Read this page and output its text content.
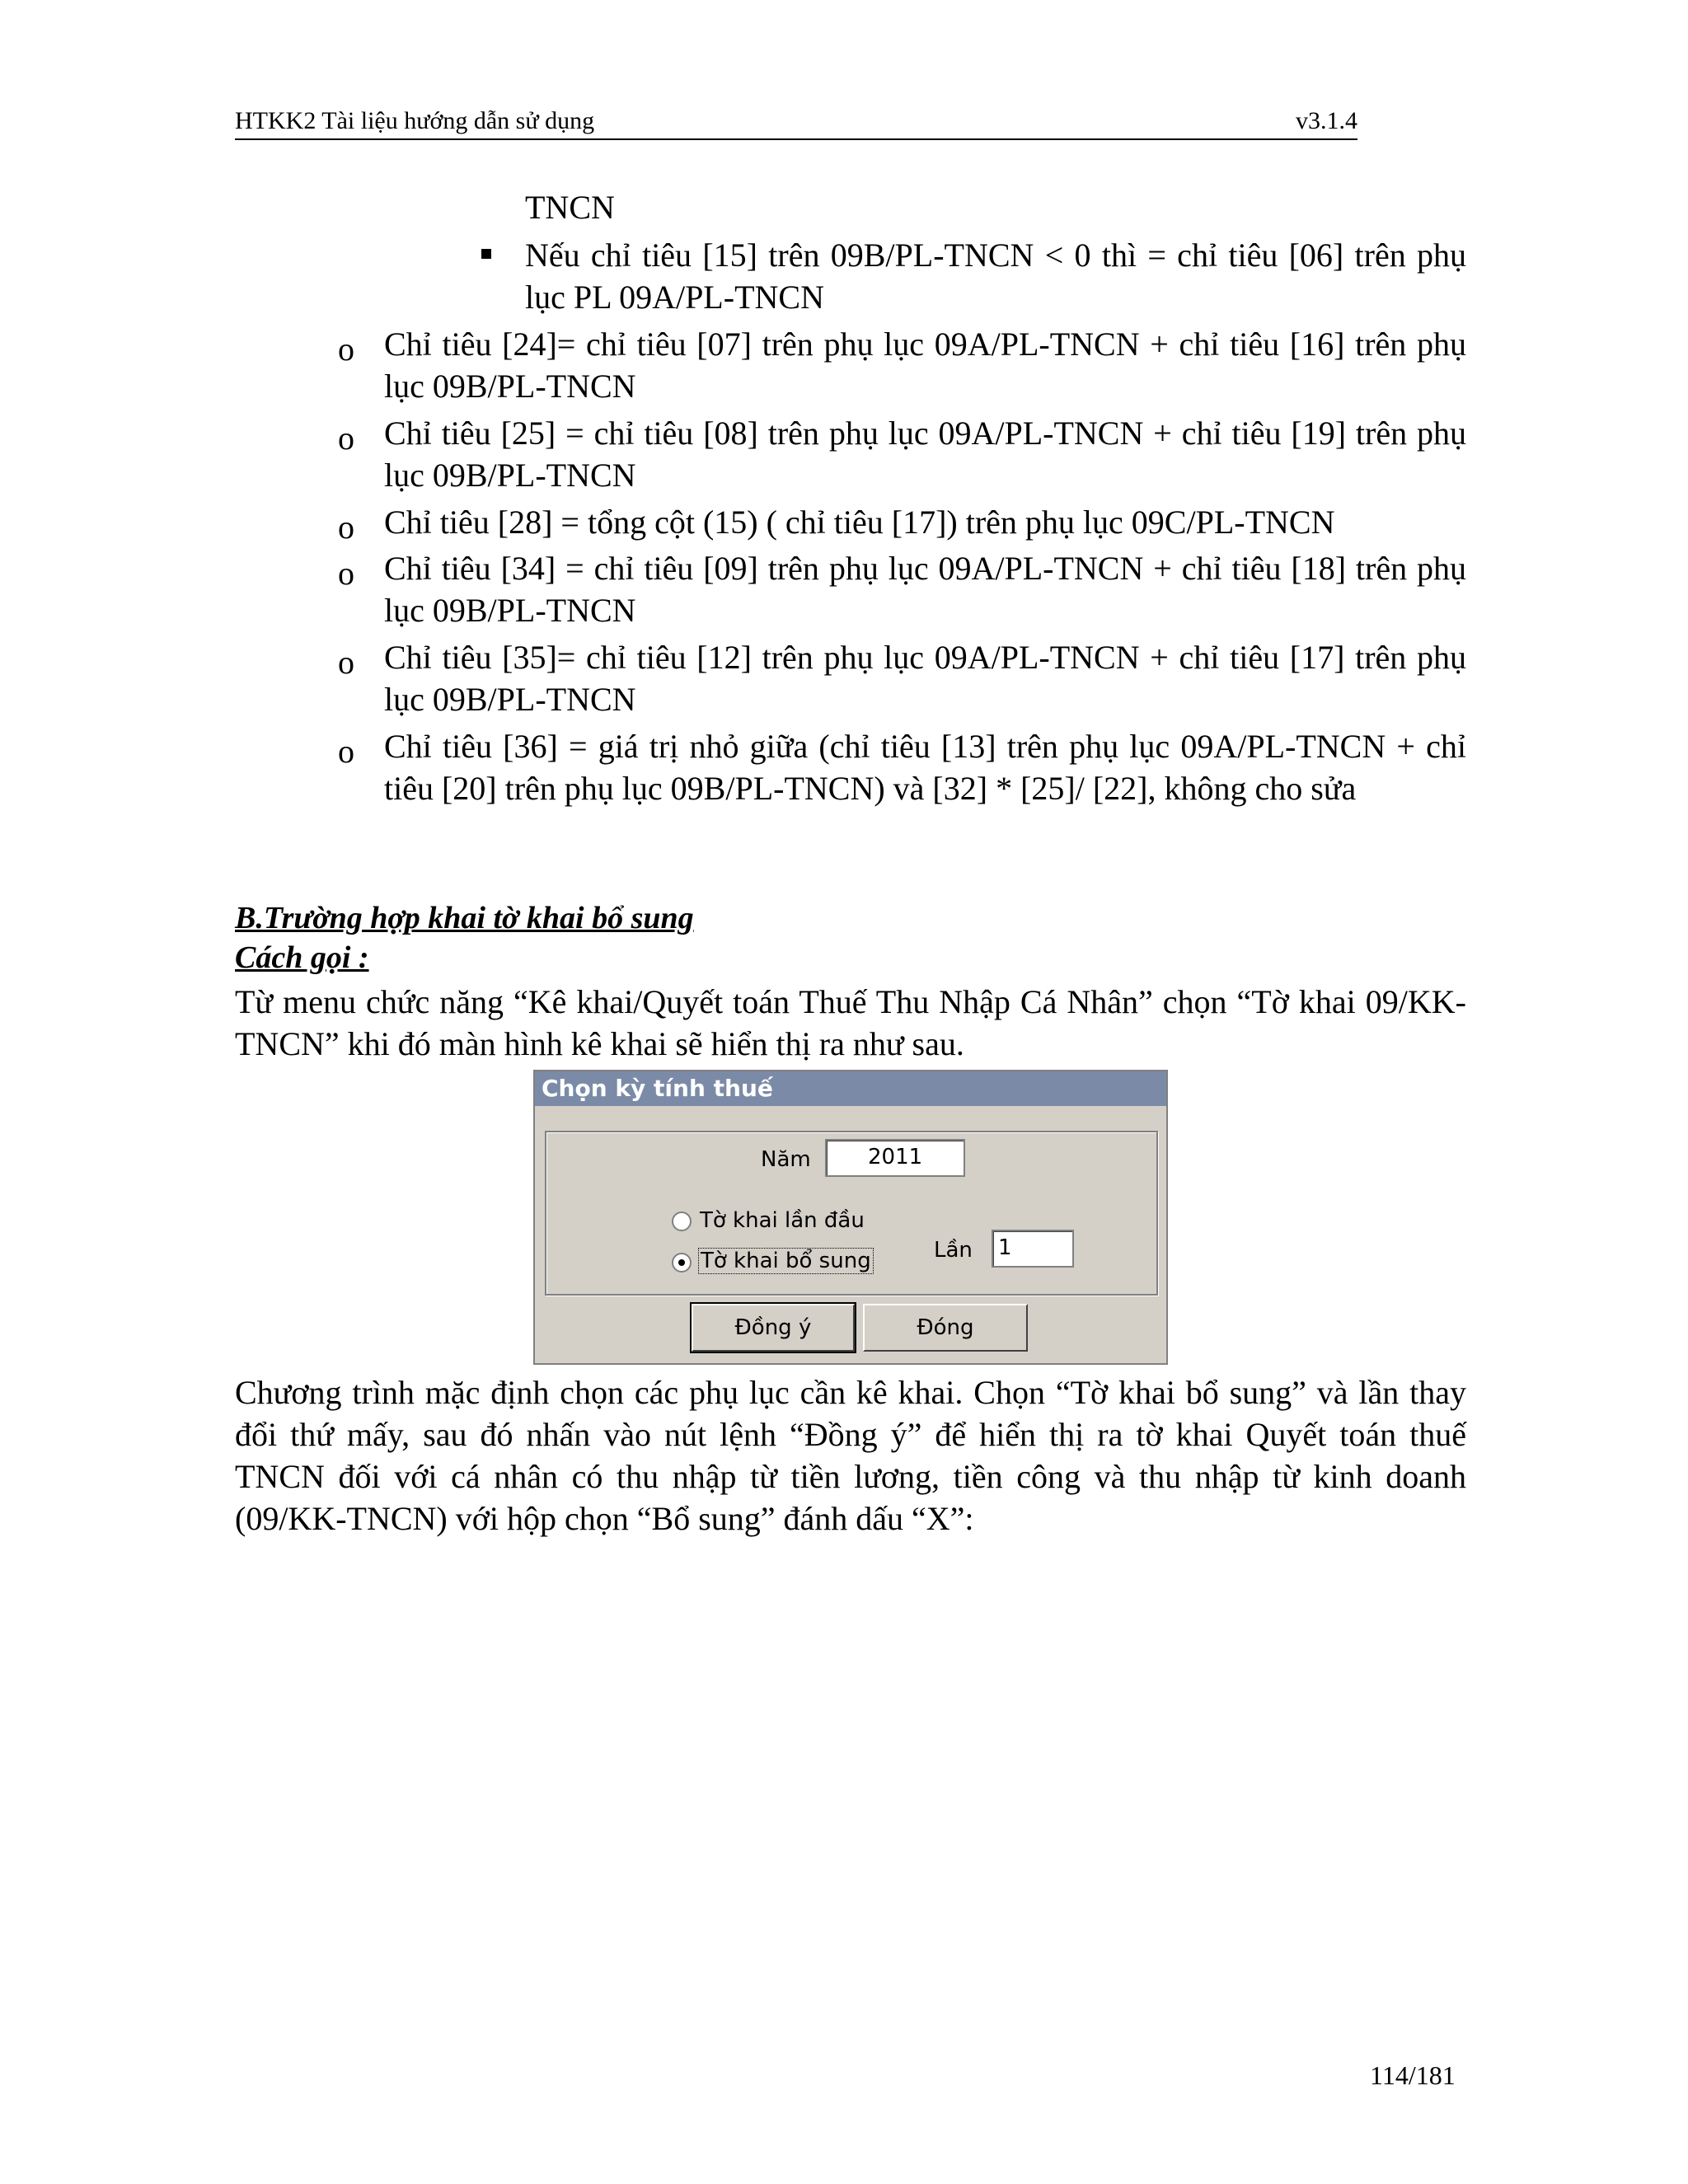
HTKK2 Tài liệu hướng dẫn sử dụng	v3.1.4
TNCN
Nếu chỉ tiêu [15] trên 09B/PL-TNCN < 0 thì = chỉ tiêu [06] trên phụ lục PL 09A/PL-TNCN
o Chỉ tiêu [24]= chỉ tiêu [07] trên phụ lục 09A/PL-TNCN + chỉ tiêu [16] trên phụ lục 09B/PL-TNCN
o Chỉ tiêu [25] = chỉ tiêu [08] trên phụ lục 09A/PL-TNCN + chỉ tiêu [19] trên phụ lục 09B/PL-TNCN
o Chỉ tiêu [28] = tổng cột (15) ( chỉ tiêu [17]) trên phụ lục 09C/PL-TNCN
o Chỉ tiêu [34] = chỉ tiêu [09] trên phụ lục 09A/PL-TNCN + chỉ tiêu [18] trên phụ lục 09B/PL-TNCN
o Chỉ tiêu [35]= chỉ tiêu [12] trên phụ lục 09A/PL-TNCN + chỉ tiêu [17] trên phụ lục 09B/PL-TNCN
o Chỉ tiêu [36] = giá trị nhỏ giữa (chỉ tiêu [13] trên phụ lục 09A/PL-TNCN + chỉ tiêu [20] trên phụ lục 09B/PL-TNCN) và [32] * [25]/ [22], không cho sửa
B.Trường hợp khai tờ khai bổ sung
Cách gọi :
Từ menu chức năng “Kê khai/Quyết toán Thuế Thu Nhập Cá Nhân” chọn “Tờ khai 09/KK-TNCN” khi đó màn hình kê khai sẽ hiển thị ra như sau.
Chọn kỳ tính thuế
Năm	2011
Tờ khai lần đầu
Tờ khai bổ sung	Lần	1
Đồng ý	Đóng
Chương trình mặc định chọn các phụ lục cần kê khai. Chọn “Tờ khai bổ sung” và lần thay đổi thứ mấy, sau đó nhấn vào nút lệnh “Đồng ý” để hiển thị ra tờ khai Quyết toán thuế TNCN đối với cá nhân có thu nhập từ tiền lương, tiền công và thu nhập từ kinh doanh (09/KK-TNCN) với hộp chọn “Bổ sung” đánh dấu “X”:
114/181
